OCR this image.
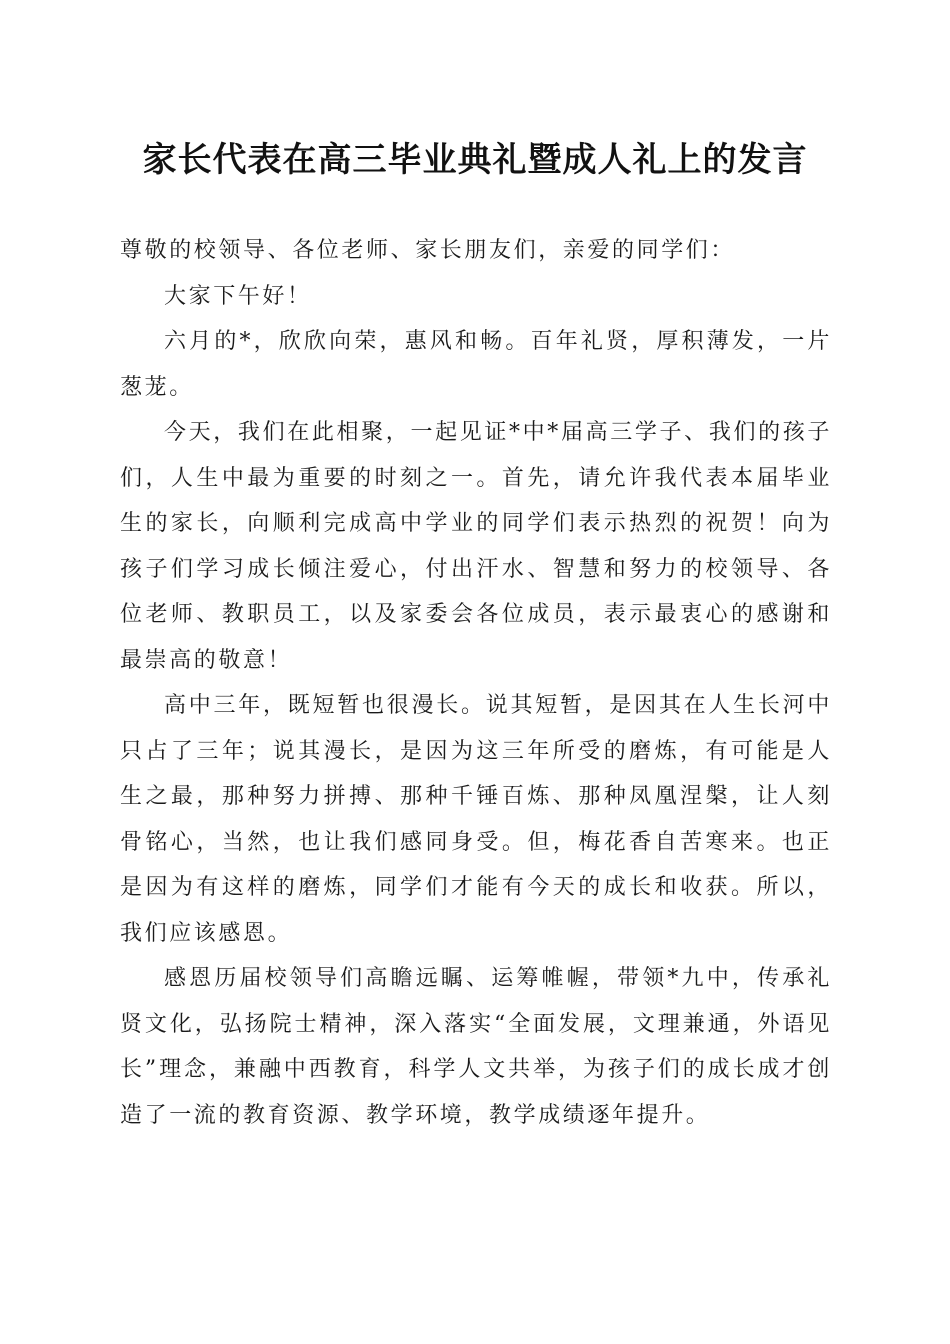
家长代表在高三毕业典礼暨成人礼上的发言

尊敬的校领导、各位老师、家长朋友们，亲爱的同学们：

大家下午好！

六月的*，欣欣向荣，惠风和畅。百年礼贤，厚积薄发，一片葱茏。

今天，我们在此相聚，一起见证*中*届高三学子、我们的孩子们，人生中最为重要的时刻之一。首先，请允许我代表本届毕业生的家长，向顺利完成高中学业的同学们表示热烈的祝贺！向为孩子们学习成长倾注爱心，付出汗水、智慧和努力的校领导、各位老师、教职员工，以及家委会各位成员，表示最衷心的感谢和最崇高的敬意！

高中三年，既短暂也很漫长。说其短暂，是因其在人生长河中只占了三年；说其漫长，是因为这三年所受的磨炼，有可能是人生之最，那种努力拼搏、那种千锤百炼、那种凤凰涅槃，让人刻骨铭心，当然，也让我们感同身受。但，梅花香自苦寒来。也正是因为有这样的磨炼，同学们才能有今天的成长和收获。所以，我们应该感恩。

感恩历届校领导们高瞻远瞩、运筹帷幄，带领*九中，传承礼贤文化，弘扬院士精神，深入落实“全面发展，文理兼通，外语见长”理念，兼融中西教育，科学人文共举，为孩子们的成长成才创造了一流的教育资源、教学环境，教学成绩逐年提升。
